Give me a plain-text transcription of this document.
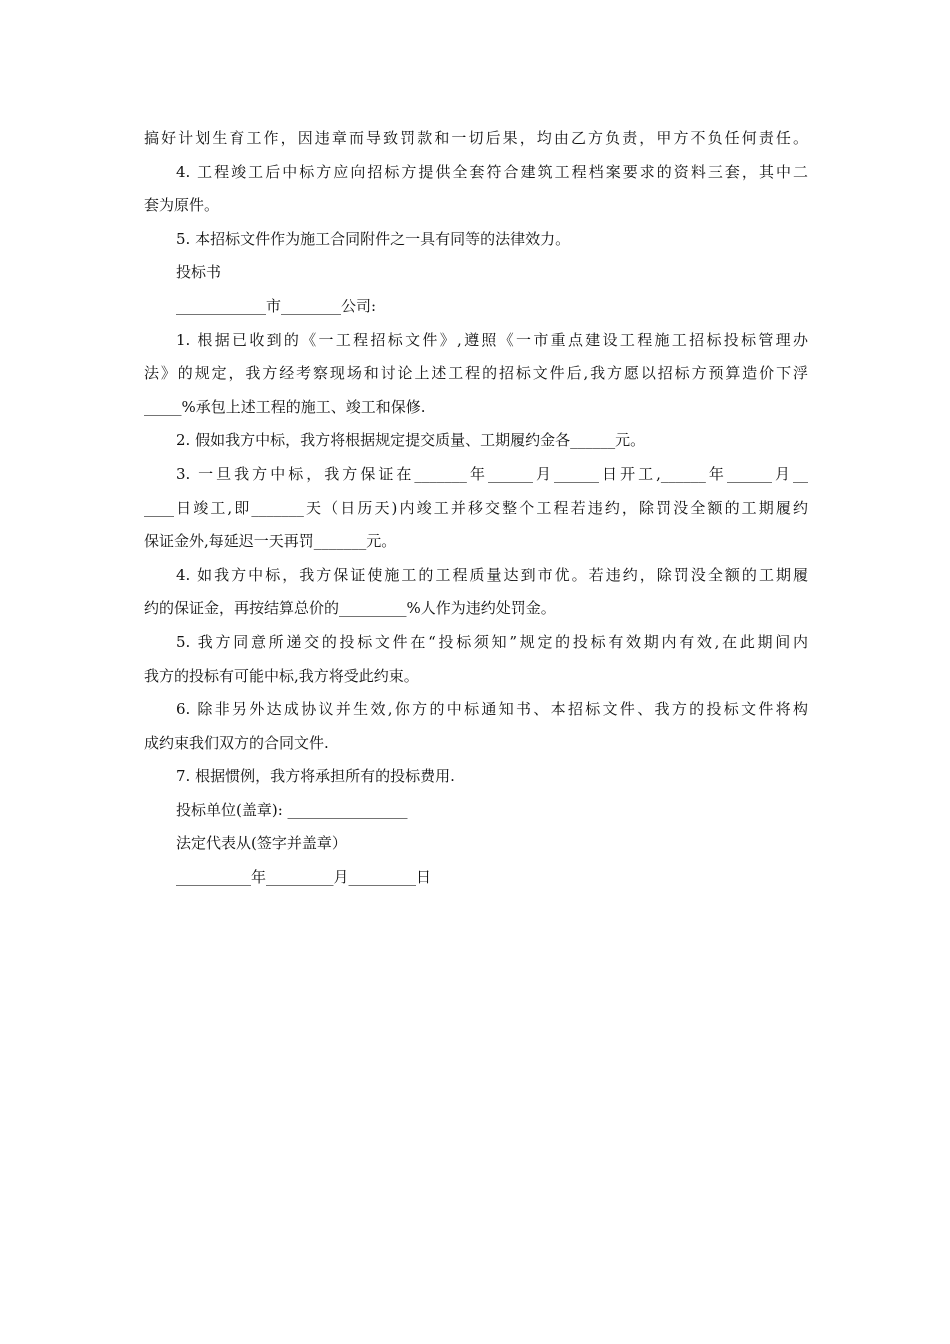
搞好计划生育工作，因违章而导致罚款和一切后果，均由乙方负责，甲方不负任何责任。
4. 工程竣工后中标方应向招标方提供全套符合建筑工程档案要求的资料三套，其中二
套为原件。
5. 本招标文件作为施工合同附件之一具有同等的法律效力。
投标书
____________市________公司:
1. 根据已收到的《一工程招标文件》,遵照《一市重点建设工程施工招标投标管理办
法》的规定，我方经考察现场和讨论上述工程的招标文件后,我方愿以招标方预算造价下浮
_____%承包上述工程的施工、竣工和保修.
2. 假如我方中标，我方将根据规定提交质量、工期履约金各______元。
3. 一旦我方中标，我方保证在_______年______月______日开工,______年______月__
____日竣工,即_______天（日历天)内竣工并移交整个工程若违约，除罚没全额的工期履约
保证金外,每延迟一天再罚_______元。
4. 如我方中标，我方保证使施工的工程质量达到市优。若违约，除罚没全额的工期履
约的保证金，再按结算总价的_________%人作为违约处罚金。
5. 我方同意所递交的投标文件在“投标须知”规定的投标有效期内有效,在此期间内
我方的投标有可能中标,我方将受此约束。
6. 除非另外达成协议并生效,你方的中标通知书、本招标文件、我方的投标文件将构
成约束我们双方的合同文件.
7. 根据惯例，我方将承担所有的投标费用.
投标单位(盖章): ________________
法定代表从(签字并盖章）
__________年_________月_________日
